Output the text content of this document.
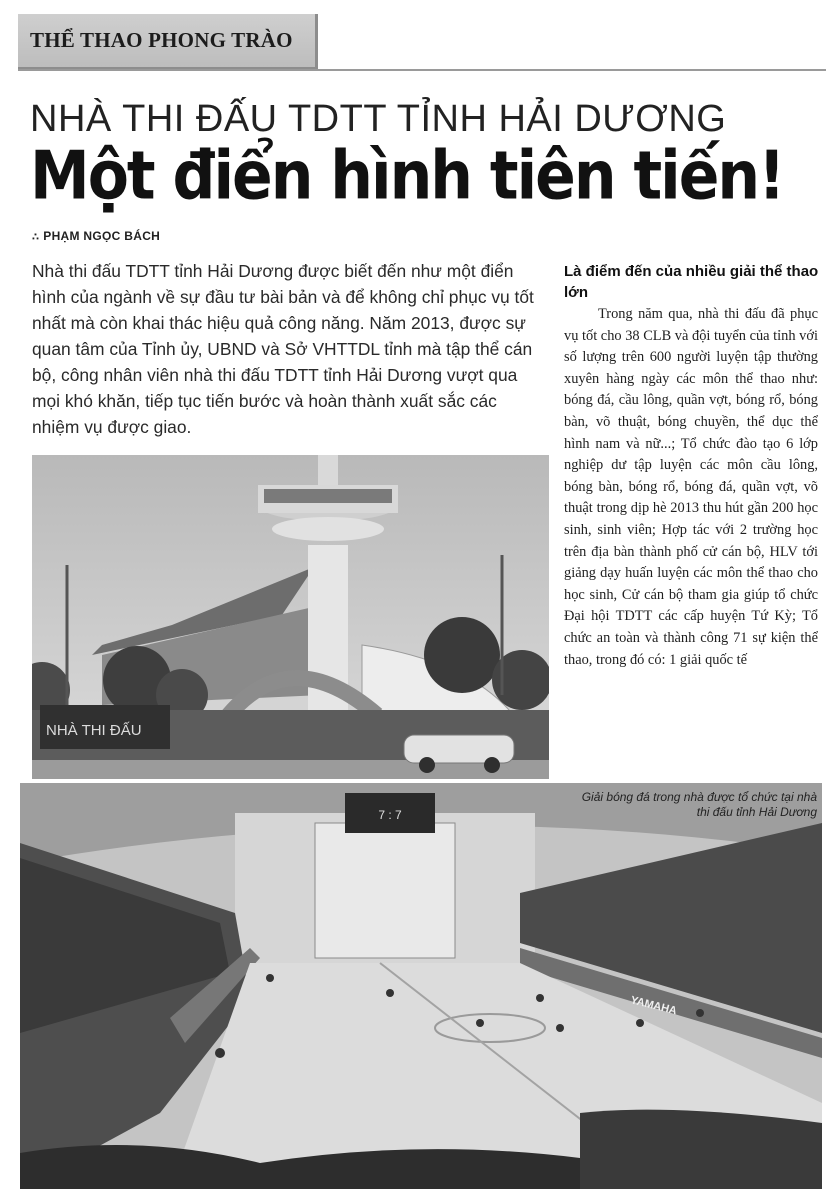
THỂ THAO PHONG TRÀO
NHÀ THI ĐẤU TDTT TỈNH HẢI DƯƠNG
Một điển hình tiên tiến!
∴ PHẠM NGỌC BÁCH

Nhà thi đấu TDTT tỉnh Hải Dương được biết đến như một điển hình của ngành về sự đầu tư bài bản và để không chỉ phục vụ tốt nhất mà còn khai thác hiệu quả công năng. Năm 2013, được sự quan tâm của Tỉnh ủy, UBND và Sở VHTTDL tỉnh mà tập thể cán bộ, công nhân viên nhà thi đấu TDTT tỉnh Hải Dương vượt qua mọi khó khăn, tiếp tục tiến bước và hoàn thành xuất sắc các nhiệm vụ được giao.

Là điểm đến của nhiều giải thể thao lớn

Trong năm qua, nhà thi đấu đã phục vụ tốt cho 38 CLB và đội tuyển của tỉnh với số lượng trên 600 người luyện tập thường xuyên hàng ngày các môn thể thao như: bóng đá, cầu lông, quần vợt, bóng rổ, bóng bàn, võ thuật, bóng chuyền, thể dục thể hình nam và nữ...; Tổ chức đào tạo 6 lớp nghiệp dư tập luyện các môn cầu lông, bóng bàn, bóng rổ, bóng đá, quần vợt, võ thuật trong dịp hè 2013 thu hút gần 200 học sinh, sinh viên; Hợp tác với 2 trường học trên địa bàn thành phố cử cán bộ, HLV tới giảng dạy huấn luyện các môn thể thao cho học sinh, Cử cán bộ tham gia giúp tổ chức Đại hội TDTT các cấp huyện Tứ Kỳ; Tổ chức an toàn và thành công 71 sự kiện thể thao, trong đó có: 1 giải quốc tế

NHÀ THI ĐẤU
7 : 7
YAMAHA
Giải bóng đá trong nhà được tổ chức tại nhà thi đấu tỉnh Hải Dương
